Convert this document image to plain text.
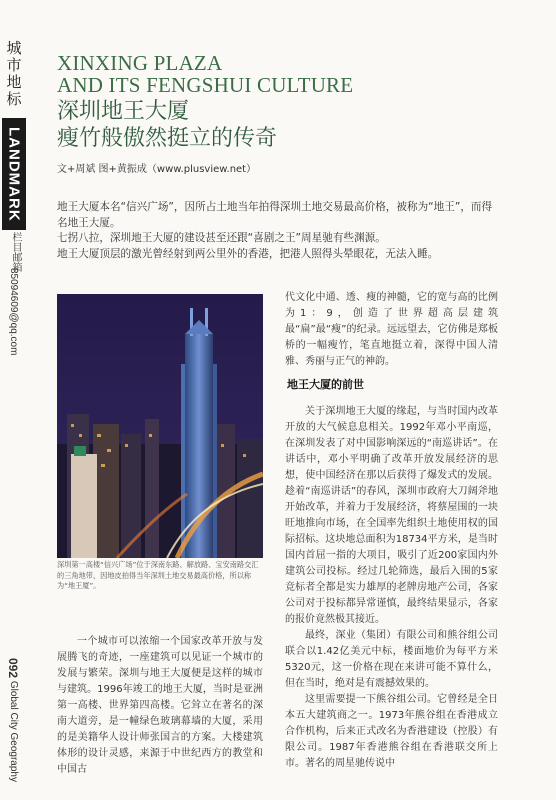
城市地标
LANDMARK
栏目邮箱
85094609@qq.com
092 Global City Geography
XINXING PLAZA
AND ITS FENGSHUI CULTURE
深圳地王大厦
瘦竹般傲然挺立的传奇
文+周斌 图+黄振成（www.plusview.net）

地王大厦本名“信兴广场”，因所占土地当年拍得深圳土地交易最高价格，被称为“地王”，而得名地王大厦。

七拐八拉，深圳地王大厦的建设甚至还跟“喜剧之王”周星驰有些渊源。

地王大厦顶层的激光曾经射到两公里外的香港，把港人照得头晕眼花，无法入睡。

深圳第一高楼“信兴广场”位于深南东路、解放路、宝安南路交汇的三角地带，因地皮拍得当年深圳土地交易最高价格，所以称为“地王厦”。

一个城市可以浓缩一个国家改革开放与发展腾飞的奇迹，一座建筑可以见证一个城市的发展与繁荣。深圳与地王大厦便是这样的城市与建筑。1996年竣工的地王大厦，当时是亚洲第一高楼、世界第四高楼。它耸立在著名的深南大道旁，是一幢绿色玻璃幕墙的大厦，采用的是美籍华人设计师张国言的方案。大楼建筑体形的设计灵感，来源于中世纪西方的教堂和中国古

代文化中通、透、瘦的神髓，它的宽与高的比例为1：9，创造了世界超高层建筑最“扁”最“瘦”的纪录。远远望去，它仿佛是郑板桥的一幅瘦竹，笔直地挺立着，深得中国人清雅、秀丽与正气的神韵。

地王大厦的前世

关于深圳地王大厦的缘起，与当时国内改革开放的大气候息息相关。1992年邓小平南巡，在深圳发表了对中国影响深远的“南巡讲话”。在讲话中，邓小平明确了改革开放发展经济的思想，使中国经济在那以后获得了爆发式的发展。趁着“南巡讲话”的春风，深圳市政府大刀阔斧地开始改革，并着力于发展经济，将蔡屋围的一块旺地推向市场，在全国率先组织土地使用权的国际招标。这块地总面积为18734平方米，是当时国内首屈一指的大项目，吸引了近200家国内外建筑公司投标。经过几轮筛选，最后入围的5家竞标者全都是实力雄厚的老牌房地产公司，各家公司对于投标都异常谨慎，最终结果显示，各家的报价竟然极其接近。

最终，深业（集团）有限公司和熊谷组公司联合以1.42亿美元中标，楼面地价为每平方米5320元，这一价格在现在来讲可能不算什么，但在当时，绝对是有震撼效果的。

这里需要提一下熊谷组公司。它曾经是全日本五大建筑商之一。1973年熊谷组在香港成立合作机构，后来正式改名为香港建设（控股）有限公司。1987年香港熊谷组在香港联交所上市。著名的周星驰传说中
